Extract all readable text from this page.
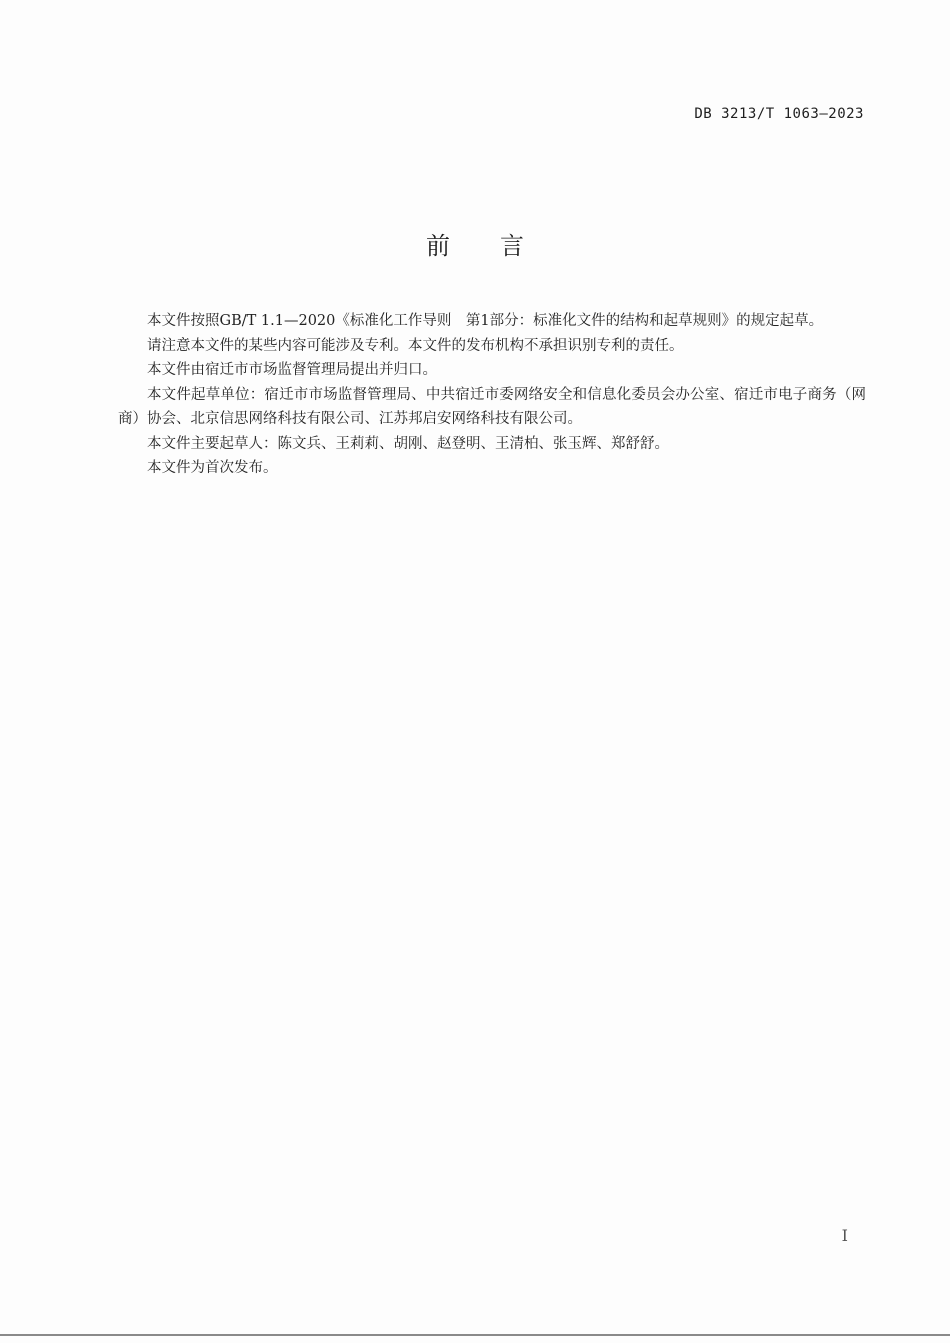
DB 3213/T 1063—2023
前言

本文件按照GB/T 1.1—2020《标准化工作导则　第1部分：标准化文件的结构和起草规则》的规定起草。

请注意本文件的某些内容可能涉及专利。本文件的发布机构不承担识别专利的责任。

本文件由宿迁市市场监督管理局提出并归口。

本文件起草单位：宿迁市市场监督管理局、中共宿迁市委网络安全和信息化委员会办公室、宿迁市电子商务（网商）协会、北京信思网络科技有限公司、江苏邦启安网络科技有限公司。

本文件主要起草人：陈文兵、王莉莉、胡刚、赵登明、王清柏、张玉辉、郑舒舒。

本文件为首次发布。

I
